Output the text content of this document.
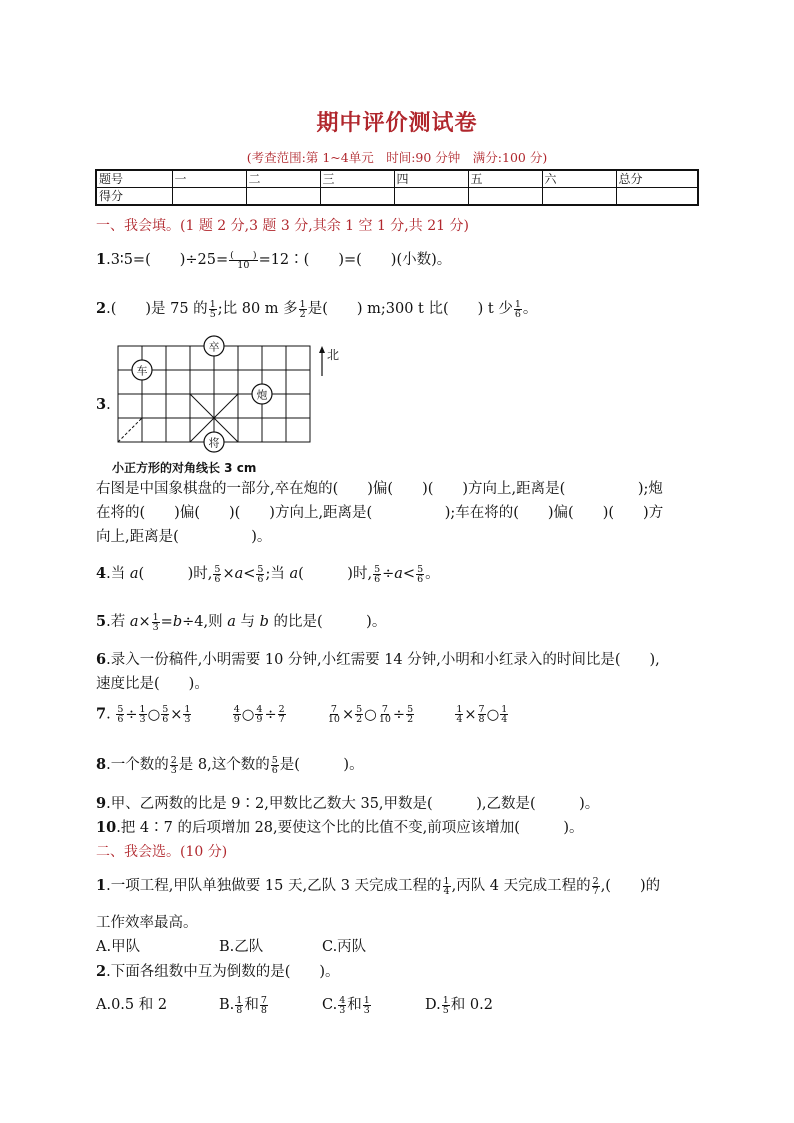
期中评价测试卷
(考查范围:第 1~4单元　时间:90 分钟　满分:100 分)
题号	一	二	三	四	五	六	总分
得分							
一、我会填。(1 题 2 分,3 题 3 分,其余 1 空 1 分,共 21 分)
1.3∶5=(　　)$\div 25= \frac{( )}{10}$ =12∶(　　)=(　　)(小数)。
2.(　　)是 75 的 $\frac{1}{5}$ ;比 80 m 多 $\frac{1}{2}$ 是(　　) m;300 t 比(　　) t 少 $\frac{1}{6}$ 。
3.
北
卒
车
炮
将
小正方形的对角线长 3 cm
右图是中国象棋盘的一部分,卒在炮的(　　)偏(　　)(　　)方向上,距离是(　　　　　);炮
在将的(　　)偏(　　)(　　)方向上,距离是(　　　　　);车在将的(　　)偏(　　)(　　)方
向上,距离是(　　　　　)。
4.当 a(　　　)时, $\frac{5}{6} \times a< \frac{5}{6}$ ;当 a(　　　)时, $\frac{5}{6} \div a< \frac{5}{6}$ 。
5.若 $a\times \frac{1}{3} =b\div 4$,则 a 与 b 的比是(　　　)。
6.录入一份稿件,小明需要 10 分钟,小红需要 14 分钟,小明和小红录入的时间比是(　　),
速度比是(　　)。
7. $\frac{5}{6} \div \frac{1}{3}$ ○ $\frac{5}{6} \times \frac{1}{3}$
	$\frac{4}{9}$ ○ $\frac{4}{9} \div \frac{2}{7}$
	$\frac{7}{10} \times \frac{5}{2}$ ○ $\frac{7}{10} \div \frac{5}{2}$
	$\frac{1}{4} \times \frac{7}{8}$ ○ $\frac{1}{4}$
8.一个数的 $\frac{2}{3}$ 是 8,这个数的 $\frac{5}{6}$ 是(　　　)。
9.甲、乙两数的比是 9∶2,甲数比乙数大 35,甲数是(　　　),乙数是(　　　)。
10.把 4∶7 的后项增加 28,要使这个比的比值不变,前项应该增加(　　　)。
二、我会选。(10 分)
1.一项工程,甲队单独做要 15 天,乙队 3 天完成工程的 $\frac{1}{4}$ ,丙队 4 天完成工程的 $\frac{2}{7}$ ,(　　)的
工作效率最高。
A.甲队	B.乙队	C.丙队
2.下面各组数中互为倒数的是(　　)。
A.0.5 和 2	B. $\frac{1}{8}$ 和 $\frac{7}{8}$	C. $\frac{4}{3}$ 和 $\frac{1}{3}$	D. $\frac{1}{5}$ 和 0.2
